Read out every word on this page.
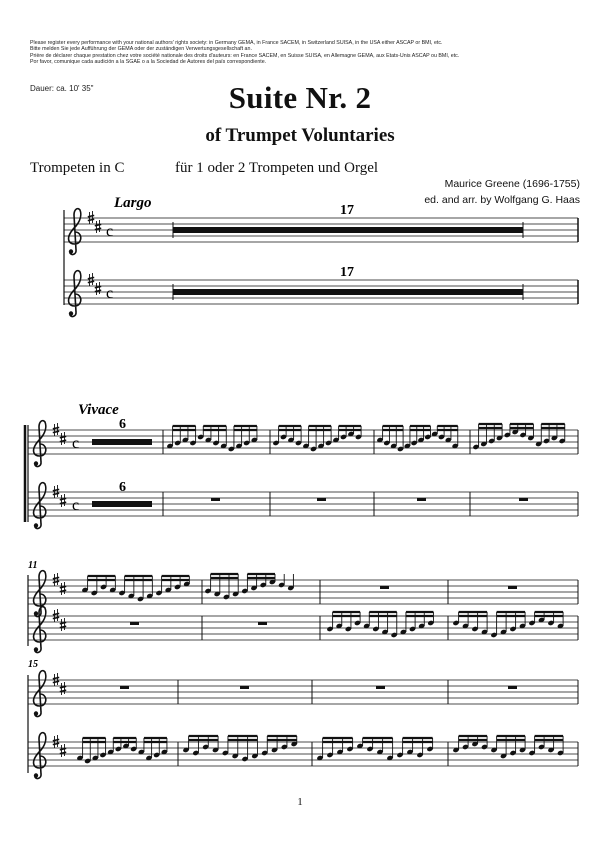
Please register every performance with your national authors' rights society: in Germany GEMA, in France SACEM, in Switzerland SUISA, in the USA either ASCAP or BMI, etc.
Bitte melden Sie jede Aufführung der GEMA oder der zuständigen Verwertungsgesellschaft an.
Prière de déclarer chaque prestation chez votre société nationale des droits d'auteurs: en France SACEM, en Suisse SUISA, en Allemagne GEMA, aux Etats-Unis ASCAP ou BMI, etc.
Por favor, comunique cada audición a la SGAE o a la Sociedad de Autores del país correspondiente.
Dauer: ca. 10' 35"	Suite Nr. 2
of Trumpet Voluntaries
Trompeten in C	für 1 oder 2 Trompeten und Orgel
Maurice Greene (1696-1755)
ed. and arr. by Wolfgang G. Haas
c
c
Largo	17
17
c
c
Vivace
6
6
11
15
1
